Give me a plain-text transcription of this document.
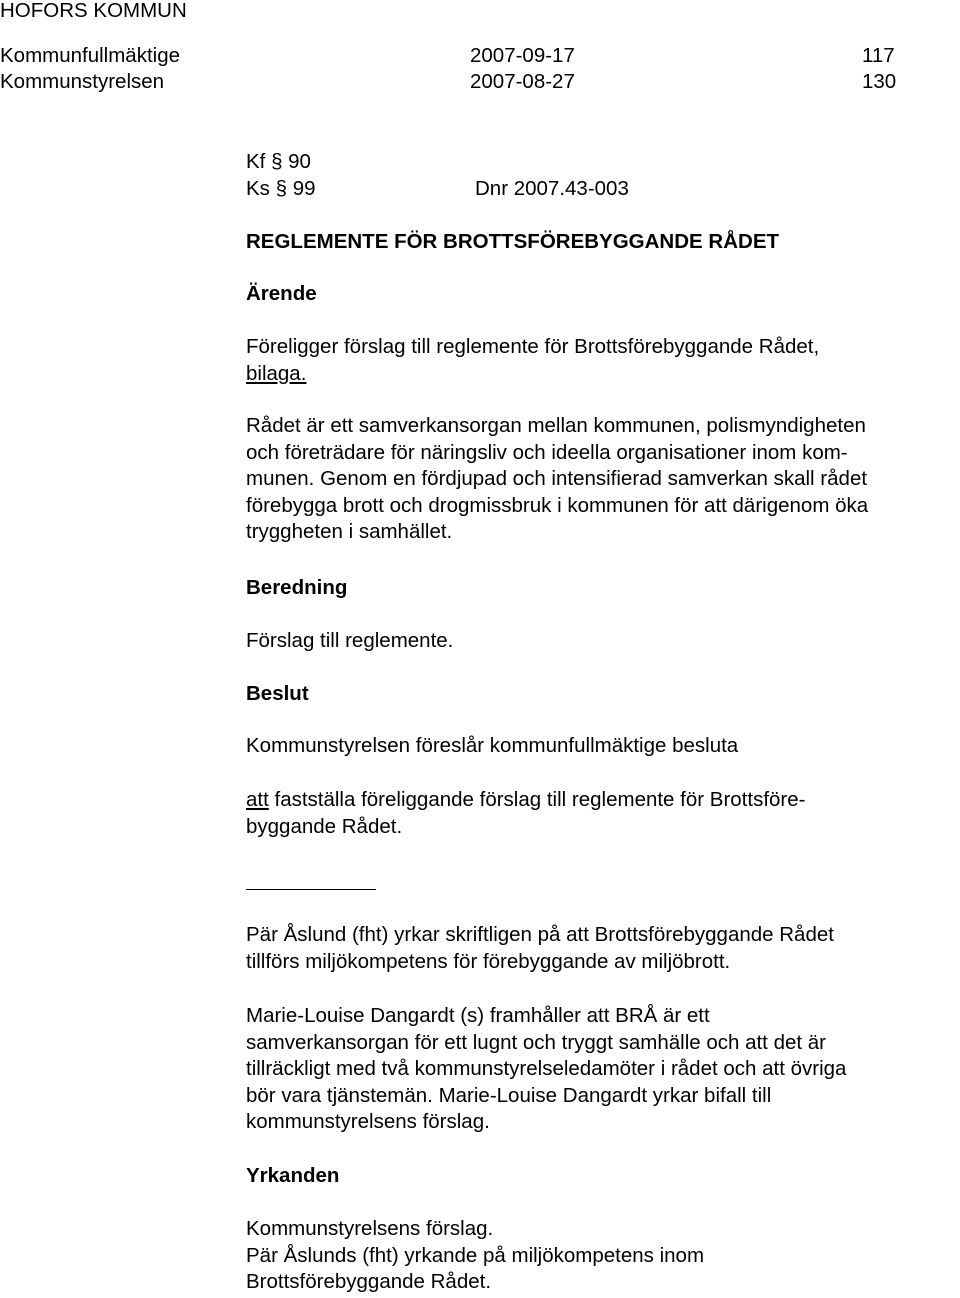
HOFORS KOMMUN
Kommunfullmäktige	2007-09-17	117
Kommunstyrelsen	2007-08-27	130
Kf § 90
Ks § 99	Dnr 2007.43-003
REGLEMENTE FÖR BROTTSFÖREBYGGANDE RÅDET
Ärende
Föreligger förslag till reglemente för Brottsförebyggande Rådet,
bilaga.
Rådet är ett samverkansorgan mellan kommunen, polismyndigheten
och företrädare för näringsliv och ideella organisationer inom kom-
munen. Genom en fördjupad och intensifierad samverkan skall rådet
förebygga brott och drogmissbruk i kommunen för att därigenom öka
tryggheten i samhället.
Beredning
Förslag till reglemente.
Beslut
Kommunstyrelsen föreslår kommunfullmäktige besluta
att fastställa föreliggande förslag till reglemente för Brottsföre-
byggande Rådet.
Pär Åslund (fht) yrkar skriftligen på att Brottsförebyggande Rådet
tillförs miljökompetens för förebyggande av miljöbrott.
Marie-Louise Dangardt (s) framhåller att BRÅ är ett
samverkansorgan för ett lugnt och tryggt samhälle och att det är
tillräckligt med två kommunstyrelseledamöter i rådet och att övriga
bör vara tjänstemän. Marie-Louise Dangardt yrkar bifall till
kommunstyrelsens förslag.
Yrkanden
Kommunstyrelsens förslag.
Pär Åslunds (fht) yrkande på miljökompetens inom
Brottsförebyggande Rådet.
